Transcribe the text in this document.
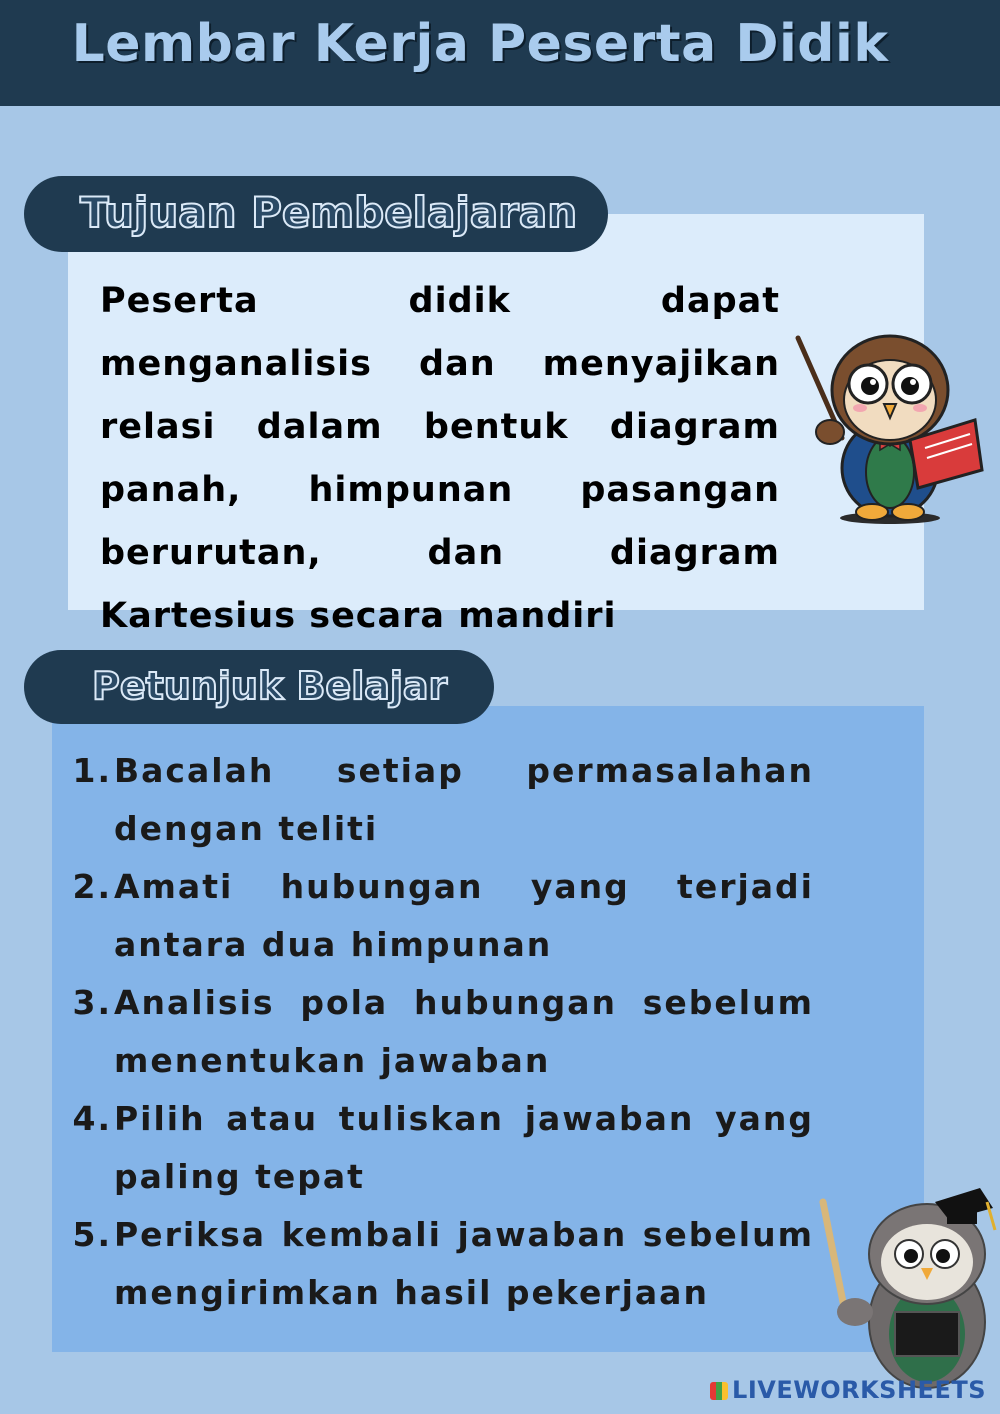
Lembar Kerja Peserta Didik
Tujuan Pembelajaran
Peserta didik dapat menganalisis dan menyajikan relasi dalam bentuk diagram panah, himpunan pasangan berurutan, dan diagram Kartesius secara mandiri
Petunjuk Belajar
1. Bacalah setiap permasalahan dengan teliti
2. Amati hubungan yang terjadi antara dua himpunan
3. Analisis pola hubungan sebelum menentukan jawaban
4. Pilih atau tuliskan jawaban yang paling tepat
5. Periksa kembali jawaban sebelum mengirimkan hasil pekerjaan
LIVEWORKSHEETS
